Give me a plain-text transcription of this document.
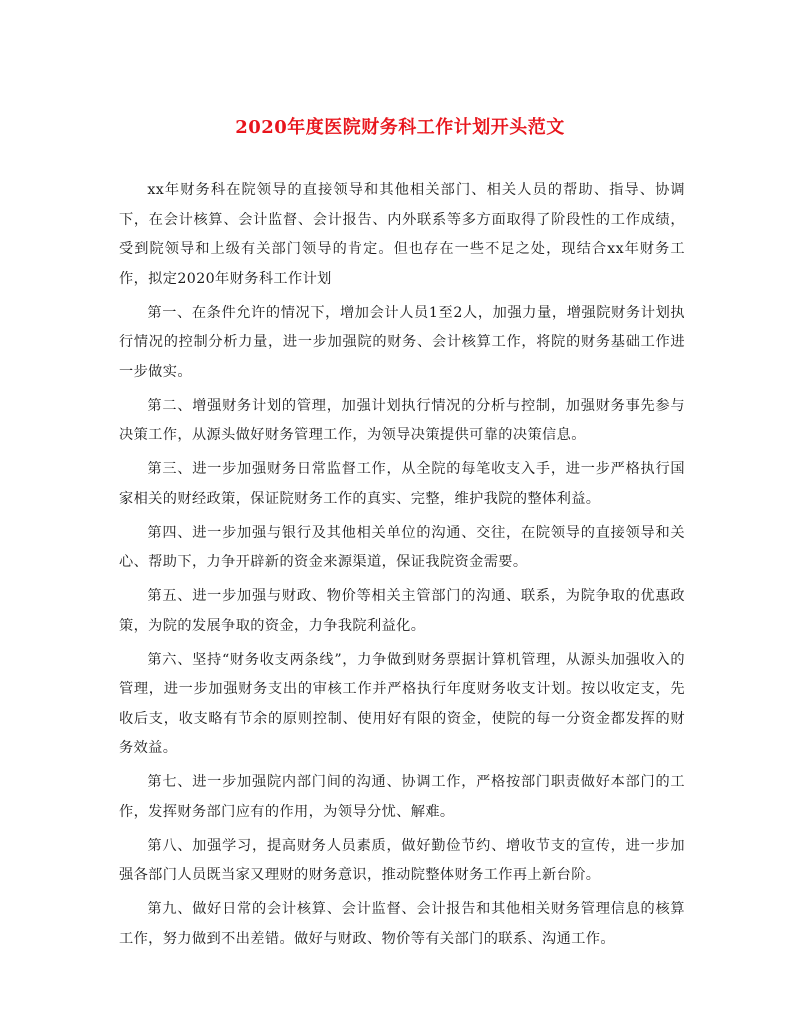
2020年度医院财务科工作计划开头范文

xx年财务科在院领导的直接领导和其他相关部门、相关人员的帮助、指导、协调下，在会计核算、会计监督、会计报告、内外联系等多方面取得了阶段性的工作成绩，受到院领导和上级有关部门领导的肯定。但也存在一些不足之处，现结合xx年财务工作，拟定2020年财务科工作计划

第一、在条件允许的情况下，增加会计人员1至2人，加强力量，增强院财务计划执行情况的控制分析力量，进一步加强院的财务、会计核算工作，将院的财务基础工作进一步做实。

第二、增强财务计划的管理，加强计划执行情况的分析与控制，加强财务事先参与决策工作，从源头做好财务管理工作，为领导决策提供可靠的决策信息。

第三、进一步加强财务日常监督工作，从全院的每笔收支入手，进一步严格执行国家相关的财经政策，保证院财务工作的真实、完整，维护我院的整体利益。

第四、进一步加强与银行及其他相关单位的沟通、交往，在院领导的直接领导和关心、帮助下，力争开辟新的资金来源渠道，保证我院资金需要。

第五、进一步加强与财政、物价等相关主管部门的沟通、联系，为院争取的优惠政策，为院的发展争取的资金，力争我院利益化。

第六、坚持“财务收支两条线”，力争做到财务票据计算机管理，从源头加强收入的管理，进一步加强财务支出的审核工作并严格执行年度财务收支计划。按以收定支，先收后支，收支略有节余的原则控制、使用好有限的资金，使院的每一分资金都发挥的财务效益。

第七、进一步加强院内部门间的沟通、协调工作，严格按部门职责做好本部门的工作，发挥财务部门应有的作用，为领导分忧、解难。

第八、加强学习，提高财务人员素质，做好勤俭节约、增收节支的宣传，进一步加强各部门人员既当家又理财的财务意识，推动院整体财务工作再上新台阶。

第九、做好日常的会计核算、会计监督、会计报告和其他相关财务管理信息的核算工作，努力做到不出差错。做好与财政、物价等有关部门的联系、沟通工作。
